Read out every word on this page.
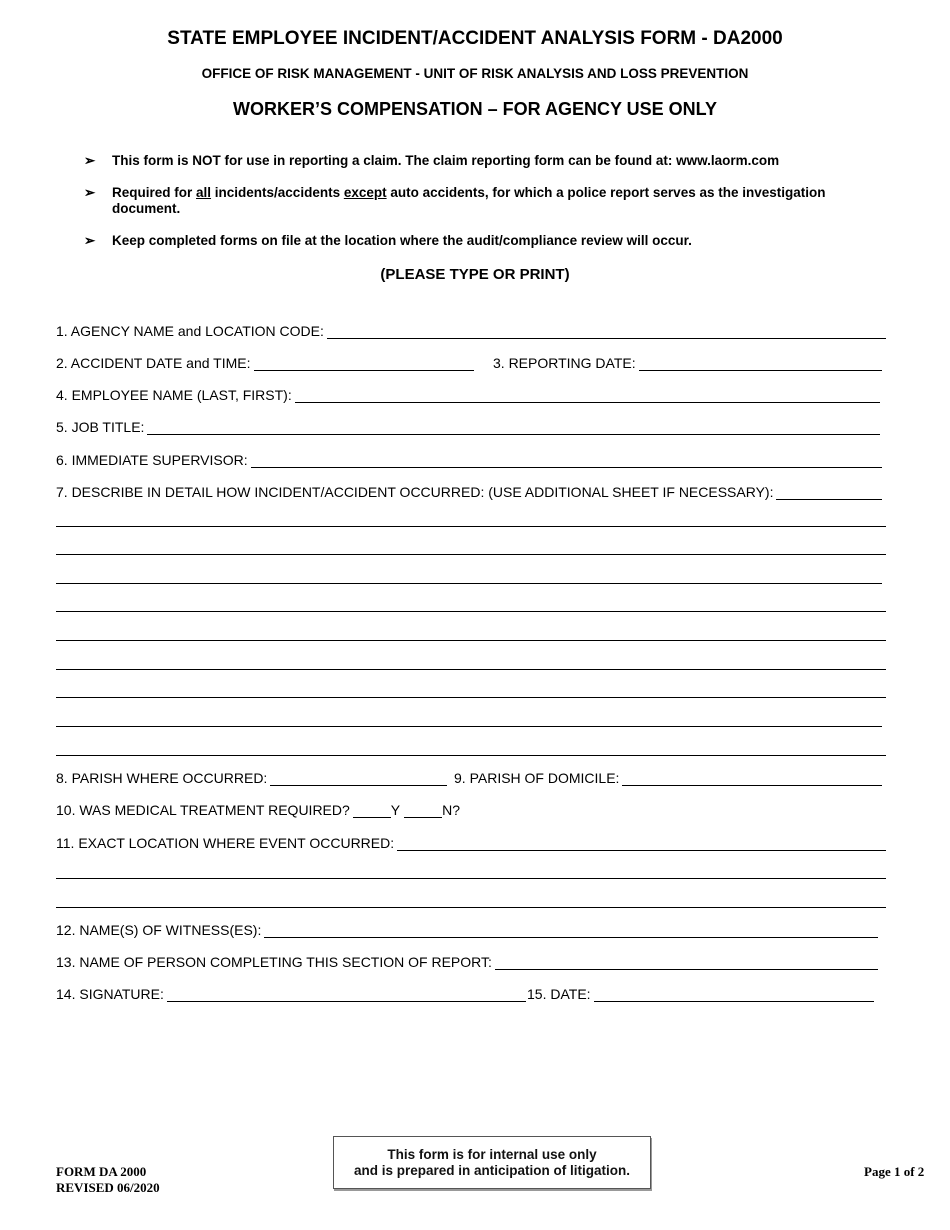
STATE EMPLOYEE INCIDENT/ACCIDENT ANALYSIS FORM - DA2000
OFFICE OF RISK MANAGEMENT - UNIT OF RISK ANALYSIS AND LOSS PREVENTION
WORKER’S COMPENSATION – FOR AGENCY USE ONLY
➢ This form is NOT for use in reporting a claim. The claim reporting form can be found at: www.laorm.com
➢ Required for all incidents/accidents except auto accidents, for which a police report serves as the investigation document.
➢ Keep completed forms on file at the location where the audit/compliance review will occur.
(PLEASE TYPE OR PRINT)
1. AGENCY NAME and LOCATION CODE:
2. ACCIDENT DATE and TIME:	3. REPORTING DATE:
4. EMPLOYEE NAME (LAST, FIRST):
5. JOB TITLE:
6. IMMEDIATE SUPERVISOR:
7. DESCRIBE IN DETAIL HOW INCIDENT/ACCIDENT OCCURRED: (USE ADDITIONAL SHEET IF NECESSARY):
8. PARISH WHERE OCCURRED:	9. PARISH OF DOMICILE:
10. WAS MEDICAL TREATMENT REQUIRED?	Y	N?
11. EXACT LOCATION WHERE EVENT OCCURRED:
12. NAME(S) OF WITNESS(ES):
13. NAME OF PERSON COMPLETING THIS SECTION OF REPORT:
14. SIGNATURE:	15. DATE:
FORM DA 2000
REVISED 06/2020
This form is for internal use only
and is prepared in anticipation of litigation.	Page 1 of 2
